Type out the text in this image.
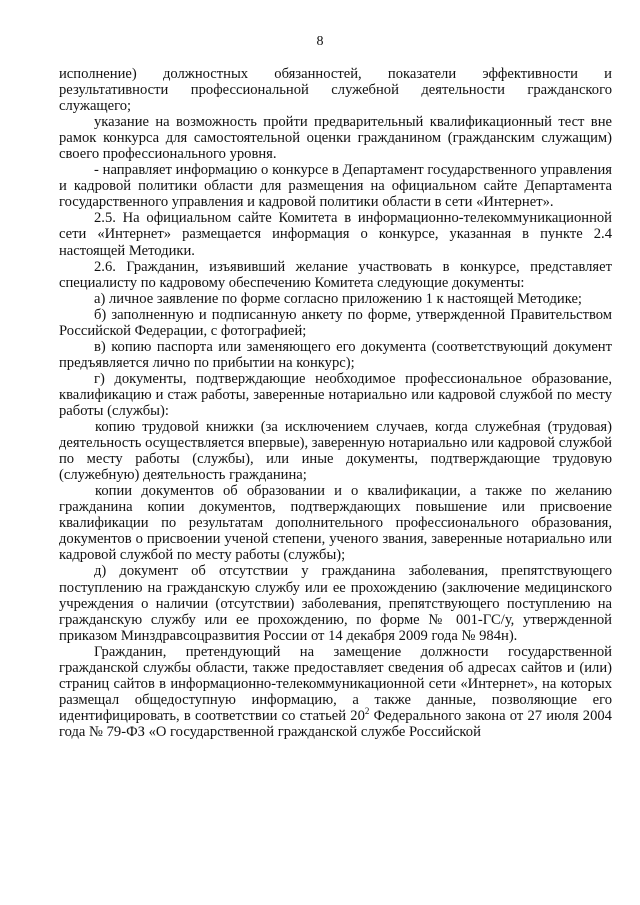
8

исполнение) должностных обязанностей, показатели эффективности и результативности профессиональной служебной деятельности гражданского служащего;

указание на возможность пройти предварительный квалификационный тест вне рамок конкурса для самостоятельной оценки гражданином (гражданским служащим) своего профессионального уровня.

- направляет информацию о конкурсе в Департамент государственного управления и кадровой политики области для размещения на официальном сайте Департамента государственного управления и кадровой политики области в сети «Интернет».

2.5. На официальном сайте Комитета в информационно-телекоммуникационной сети «Интернет» размещается информация о конкурсе, указанная в пункте 2.4 настоящей Методики.

2.6. Гражданин, изъявивший желание участвовать в конкурсе, представляет специалисту по кадровому обеспечению Комитета следующие документы:

а) личное заявление по форме согласно приложению 1 к настоящей Методике;

б) заполненную и подписанную анкету по форме, утвержденной Правительством Российской Федерации, с фотографией;

в) копию паспорта или заменяющего его документа (соответствующий документ предъявляется лично по прибытии на конкурс);

г) документы, подтверждающие необходимое профессиональное образование, квалификацию и стаж работы, заверенные нотариально или кадровой службой по месту работы (службы):

копию трудовой книжки (за исключением случаев, когда служебная (трудовая) деятельность осуществляется впервые), заверенную нотариально или кадровой службой по месту работы (службы), или иные документы, подтверждающие трудовую (служебную) деятельность гражданина;

копии документов об образовании и о квалификации, а также по желанию гражданина копии документов, подтверждающих повышение или присвоение квалификации по результатам дополнительного профессионального образования, документов о присвоении ученой степени, ученого звания, заверенные нотариально или кадровой службой по месту работы (службы);

д) документ об отсутствии у гражданина заболевания, препятствующего поступлению на гражданскую службу или ее прохождению (заключение медицинского учреждения о наличии (отсутствии) заболевания, препятствующего поступлению на гражданскую службу или ее прохождению, по форме № 001-ГС/у, утвержденной приказом Минздравсоцразвития России от 14 декабря 2009 года № 984н).

Гражданин, претендующий на замещение должности государственной гражданской службы области, также предоставляет сведения об адресах сайтов и (или) страниц сайтов в информационно-телекоммуникационной сети «Интернет», на которых размещал общедоступную информацию, а также данные, позволяющие его идентифицировать, в соответствии со статьей $20^2$ Федерального закона от 27 июля 2004 года № 79-ФЗ «О государственной гражданской службе Российской
